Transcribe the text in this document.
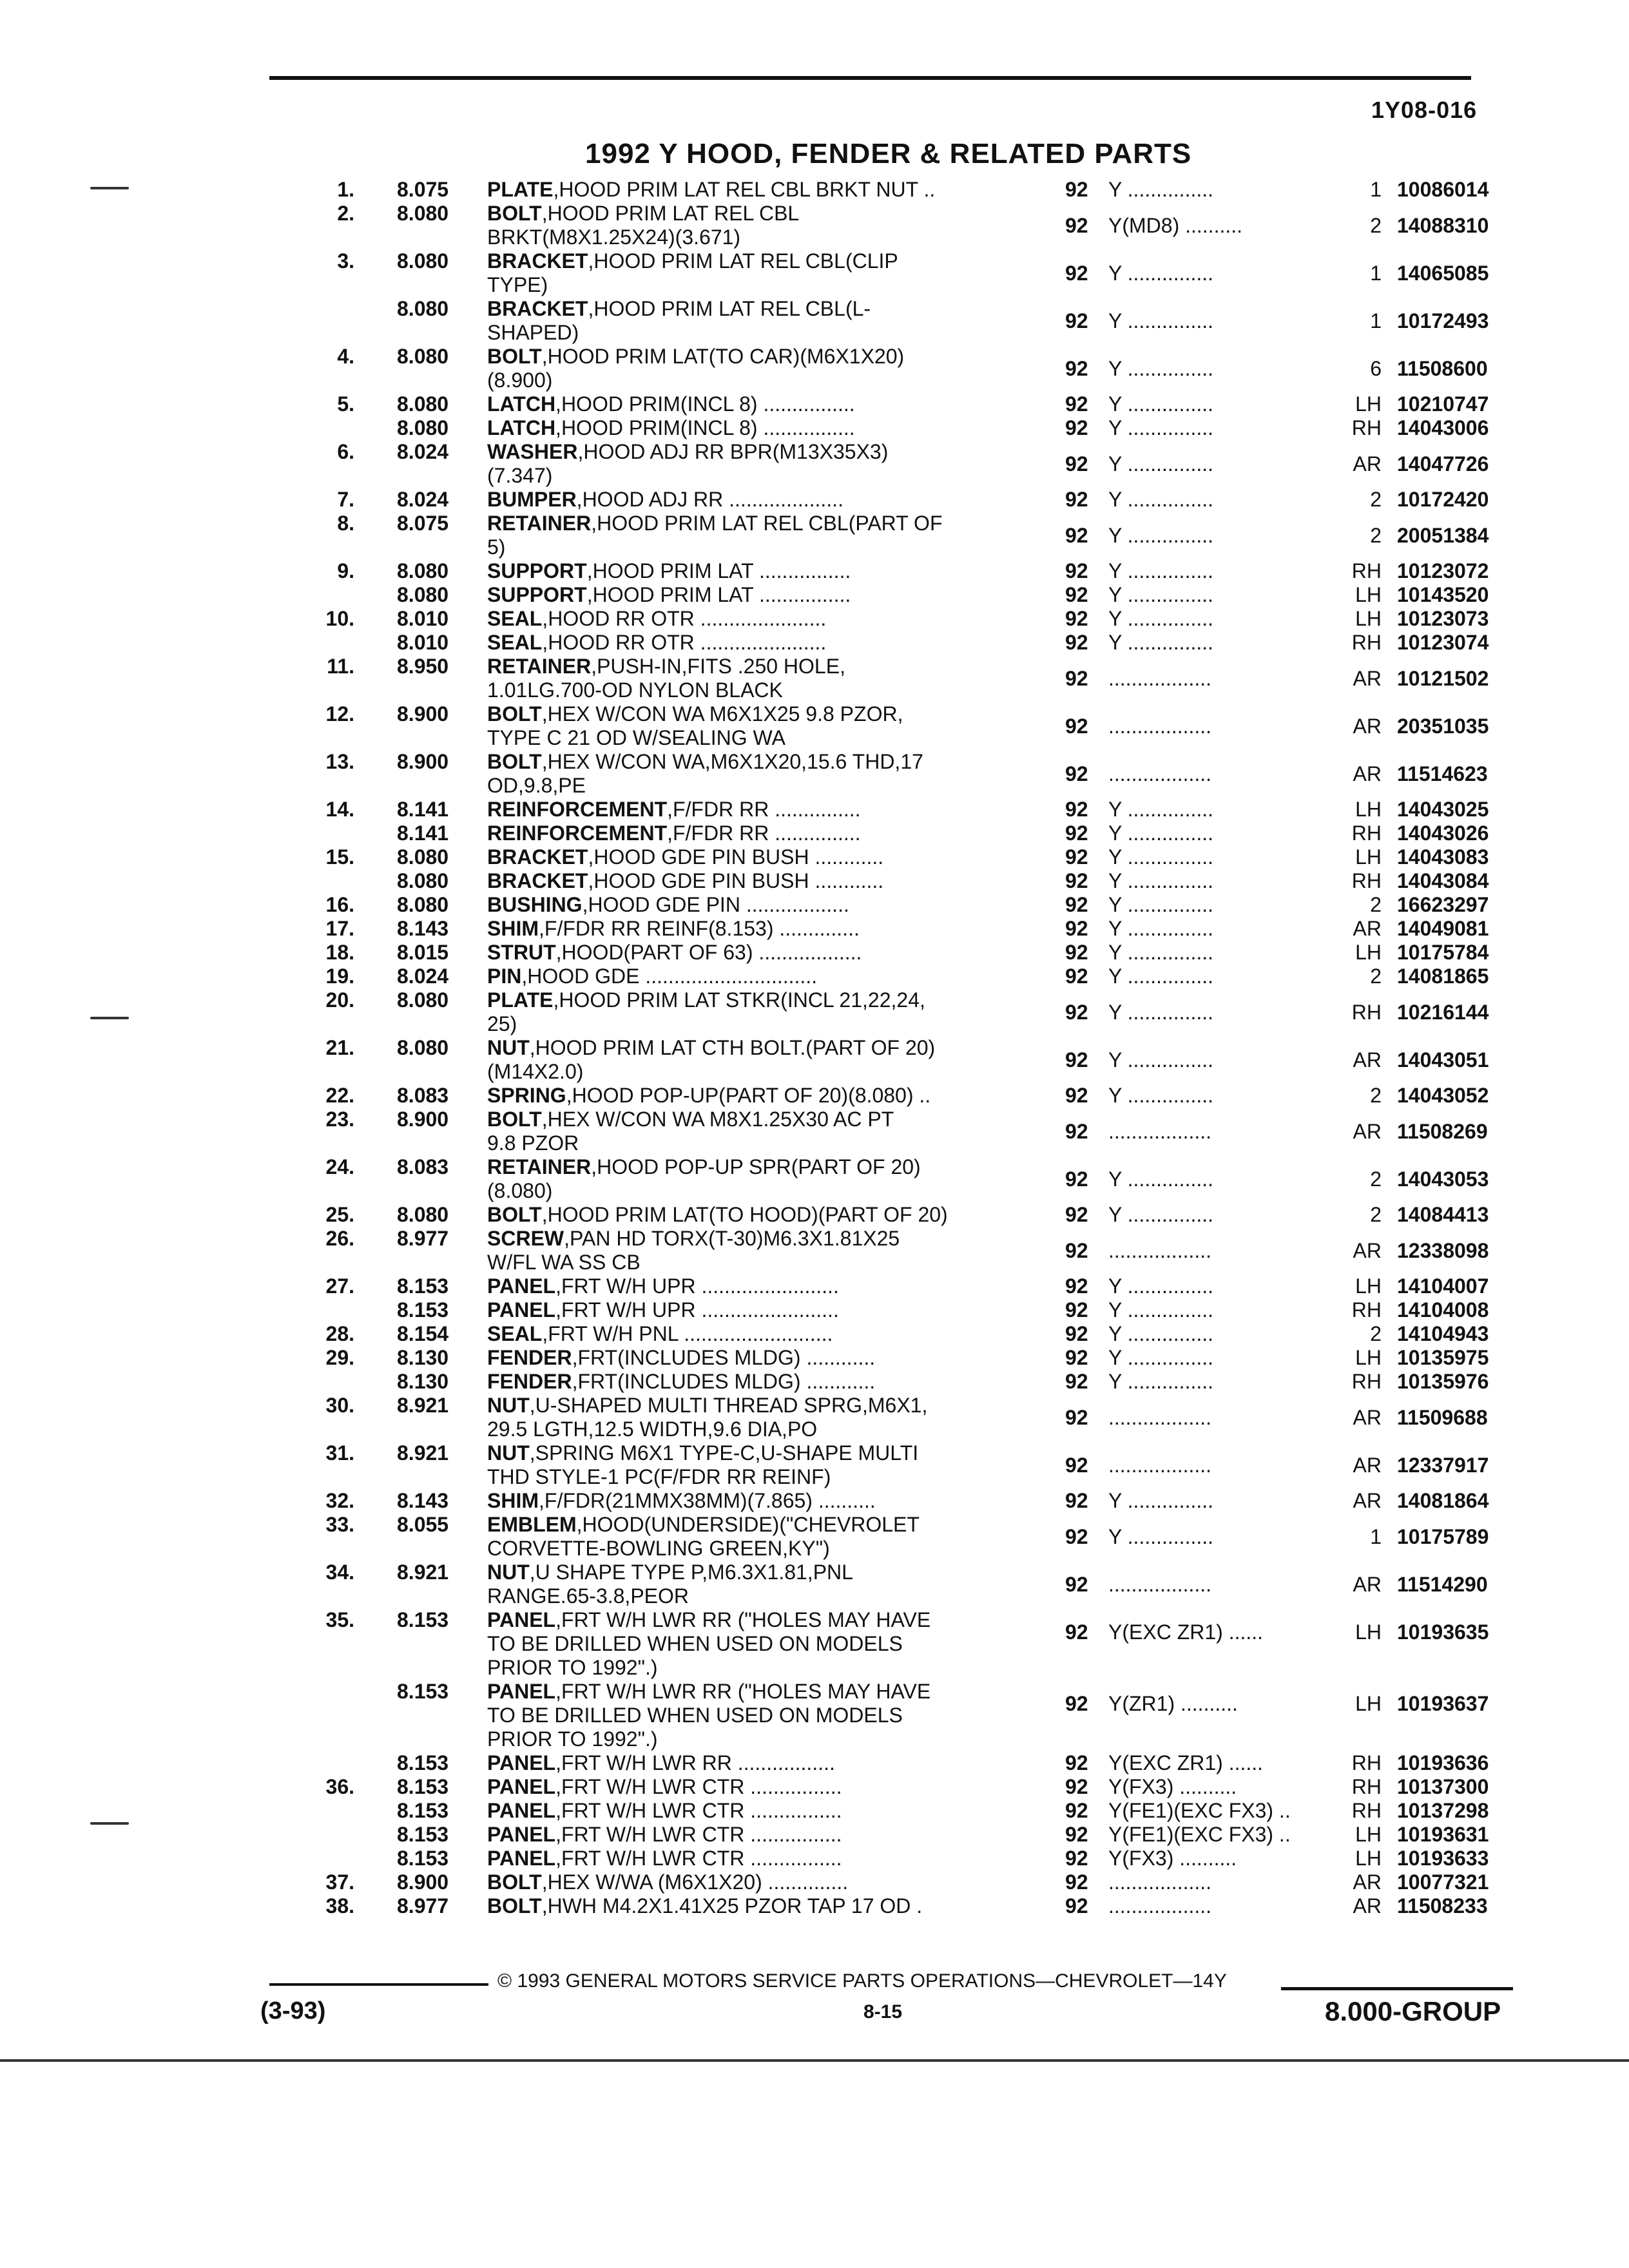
1Y08-016
1992 Y HOOD, FENDER & RELATED PARTS
1. 8.075 PLATE,HOOD PRIM LAT REL CBL BRKT NUT ..	92 Y ...............	1 10086014
2. 8.080 BOLT,HOOD PRIM LAT REL CBL
BRKT(M8X1.25X24)(3.671)
92 Y(MD8) ..........	2 14088310
3. 8.080 BRACKET,HOOD PRIM LAT REL CBL(CLIP
TYPE)
92 Y ...............	1 14065085
8.080 BRACKET,HOOD PRIM LAT REL CBL(L-
SHAPED)
92 Y ...............	1 10172493
4. 8.080 BOLT,HOOD PRIM LAT(TO CAR)(M6X1X20)
(8.900)
92 Y ...............	6 11508600
5. 8.080 LATCH,HOOD PRIM(INCL 8) ................	92 Y ...............	LH 10210747
8.080 LATCH,HOOD PRIM(INCL 8) ................	92 Y ...............	RH 14043006
6. 8.024 WASHER,HOOD ADJ RR BPR(M13X35X3)
(7.347)
92 Y ...............	AR 14047726
7. 8.024 BUMPER,HOOD ADJ RR ....................	92 Y ...............	2 10172420
8. 8.075 RETAINER,HOOD PRIM LAT REL CBL(PART OF
5)
92 Y ...............	2 20051384
9. 8.080 SUPPORT,HOOD PRIM LAT ................	92 Y ...............	RH 10123072
8.080 SUPPORT,HOOD PRIM LAT ................	92 Y ...............	LH 10143520
10. 8.010 SEAL,HOOD RR OTR ......................	92 Y ...............	LH 10123073
8.010 SEAL,HOOD RR OTR ......................	92 Y ...............	RH 10123074
11. 8.950 RETAINER,PUSH-IN,FITS .250 HOLE,
1.01LG.700-OD NYLON BLACK
92 ..................	AR 10121502
12. 8.900 BOLT,HEX W/CON WA M6X1X25 9.8 PZOR,
TYPE C 21 OD W/SEALING WA
92 ..................	AR 20351035
13. 8.900 BOLT,HEX W/CON WA,M6X1X20,15.6 THD,17
OD,9.8,PE
92 ..................	AR 11514623
14. 8.141 REINFORCEMENT,F/FDR RR ...............	92 Y ...............	LH 14043025
8.141 REINFORCEMENT,F/FDR RR ...............	92 Y ...............	RH 14043026
15. 8.080 BRACKET,HOOD GDE PIN BUSH ............	92 Y ...............	LH 14043083
8.080 BRACKET,HOOD GDE PIN BUSH ............	92 Y ...............	RH 14043084
16. 8.080 BUSHING,HOOD GDE PIN ..................	92 Y ...............	2 16623297
17. 8.143 SHIM,F/FDR RR REINF(8.153) ..............	92 Y ...............	AR 14049081
18. 8.015 STRUT,HOOD(PART OF 63) ..................	92 Y ...............	LH 10175784
19. 8.024 PIN,HOOD GDE ..............................	92 Y ...............	2 14081865
20. 8.080 PLATE,HOOD PRIM LAT STKR(INCL 21,22,24,
25)
92 Y ...............	RH 10216144
21. 8.080 NUT,HOOD PRIM LAT CTH BOLT.(PART OF 20)
(M14X2.0)
92 Y ...............	AR 14043051
22. 8.083 SPRING,HOOD POP-UP(PART OF 20)(8.080) ..	92 Y ...............	2 14043052
23. 8.900 BOLT,HEX W/CON WA M8X1.25X30 AC PT
9.8 PZOR
92 ..................	AR 11508269
24. 8.083 RETAINER,HOOD POP-UP SPR(PART OF 20)
(8.080)
92 Y ...............	2 14043053
25. 8.080 BOLT,HOOD PRIM LAT(TO HOOD)(PART OF 20)	92 Y ...............	2 14084413
26. 8.977 SCREW,PAN HD TORX(T-30)M6.3X1.81X25
W/FL WA SS CB
92 ..................	AR 12338098
27. 8.153 PANEL,FRT W/H UPR ........................	92 Y ...............	LH 14104007
8.153 PANEL,FRT W/H UPR ........................	92 Y ...............	RH 14104008
28. 8.154 SEAL,FRT W/H PNL ..........................	92 Y ...............	2 14104943
29. 8.130 FENDER,FRT(INCLUDES MLDG) ............	92 Y ...............	LH 10135975
8.130 FENDER,FRT(INCLUDES MLDG) ............	92 Y ...............	RH 10135976
30. 8.921 NUT,U-SHAPED MULTI THREAD SPRG,M6X1,
29.5 LGTH,12.5 WIDTH,9.6 DIA,PO
92 ..................	AR 11509688
31. 8.921 NUT,SPRING M6X1 TYPE-C,U-SHAPE MULTI
THD STYLE-1 PC(F/FDR RR REINF)
92 ..................	AR 12337917
32. 8.143 SHIM,F/FDR(21MMX38MM)(7.865) ..........	92 Y ...............	AR 14081864
33. 8.055 EMBLEM,HOOD(UNDERSIDE)("CHEVROLET
CORVETTE-BOWLING GREEN,KY")
92 Y ...............	1 10175789
34. 8.921 NUT,U SHAPE TYPE P,M6.3X1.81,PNL
RANGE.65-3.8,PEOR
92 ..................	AR 11514290
35. 8.153 PANEL,FRT W/H LWR RR ("HOLES MAY HAVE
TO BE DRILLED WHEN USED ON MODELS
PRIOR TO 1992".)
92 Y(EXC ZR1) ......	LH 10193635
8.153 PANEL,FRT W/H LWR RR ("HOLES MAY HAVE
TO BE DRILLED WHEN USED ON MODELS
PRIOR TO 1992".)
92 Y(ZR1) ..........	LH 10193637
8.153 PANEL,FRT W/H LWR RR .................	92 Y(EXC ZR1) ......	RH 10193636
36. 8.153 PANEL,FRT W/H LWR CTR ................	92 Y(FX3) ..........	RH 10137300
8.153 PANEL,FRT W/H LWR CTR ................	92 Y(FE1)(EXC FX3) ..	RH 10137298
8.153 PANEL,FRT W/H LWR CTR ................	92 Y(FE1)(EXC FX3) ..	LH 10193631
8.153 PANEL,FRT W/H LWR CTR ................	92 Y(FX3) ..........	LH 10193633
37. 8.900 BOLT,HEX W/WA (M6X1X20) ..............	92 ..................	AR 10077321
38. 8.977 BOLT,HWH M4.2X1.41X25 PZOR TAP 17 OD .	92 ..................	AR 11508233
© 1993 GENERAL MOTORS SERVICE PARTS OPERATIONS—CHEVROLET—14Y
(3-93)	8-15	8.000-GROUP
